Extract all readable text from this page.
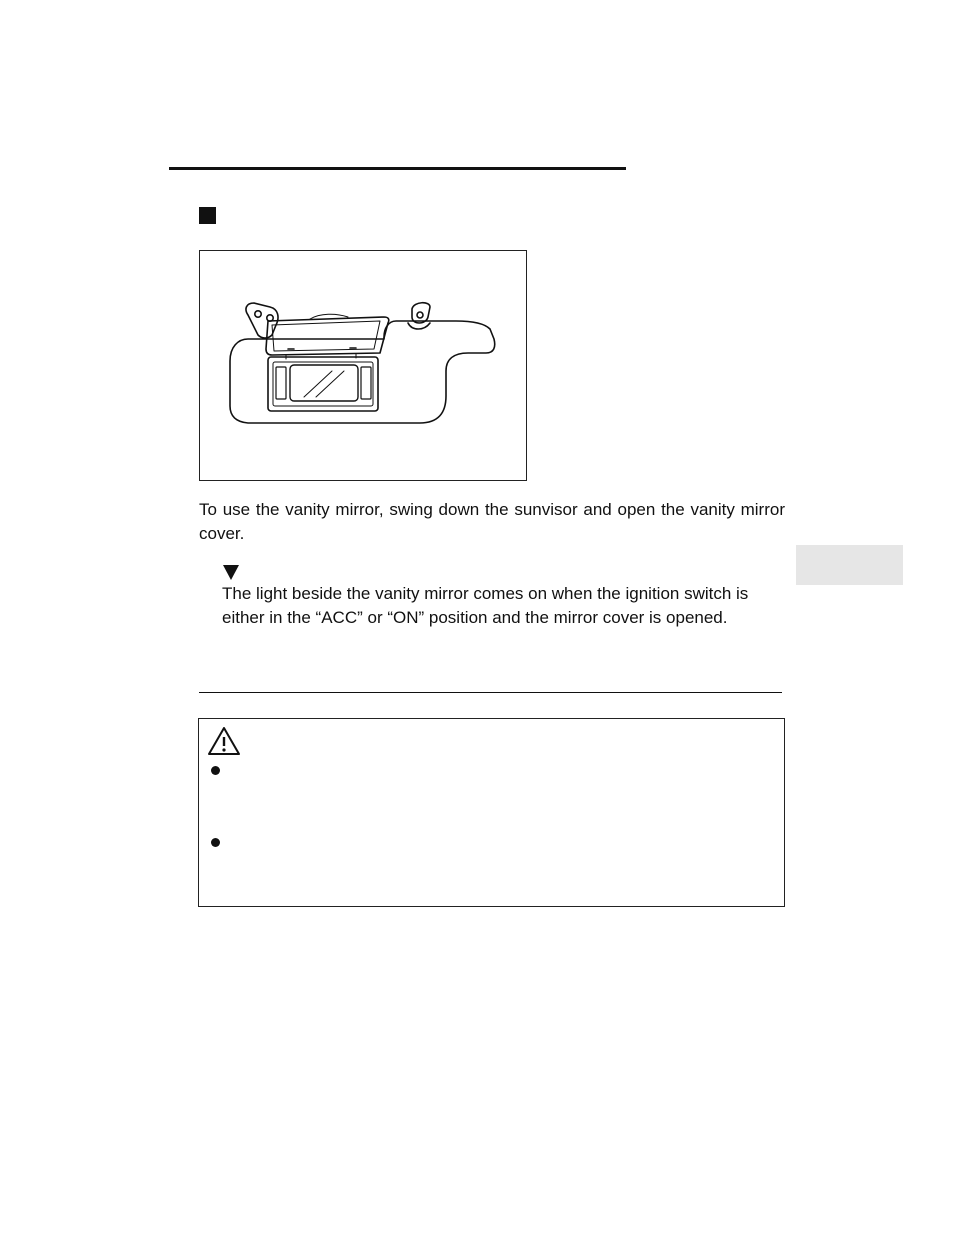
To use the vanity mirror, swing down the sunvisor and open the vanity mirror cover.

The light beside the vanity mirror comes on when the ignition switch is either in the “ACC” or “ON” position and the mirror cover is opened.
